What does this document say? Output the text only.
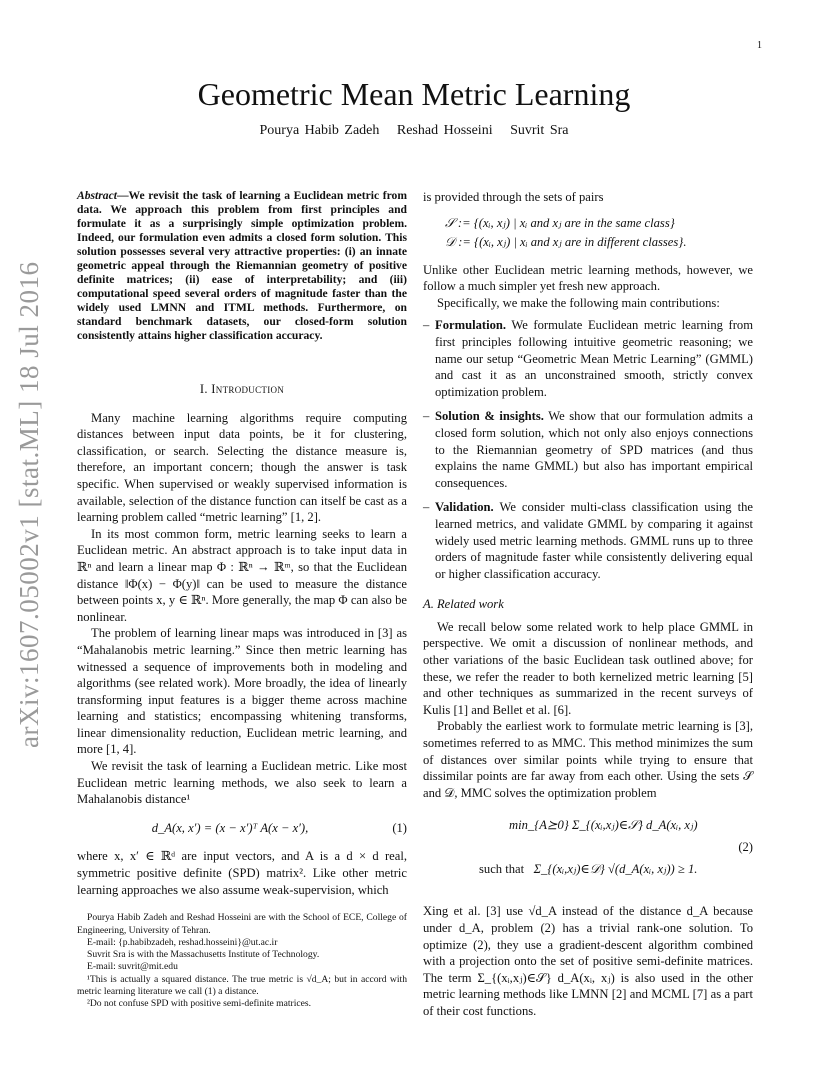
1
arXiv:1607.05002v1 [stat.ML] 18 Jul 2016
Geometric Mean Metric Learning
Pourya Habib Zadeh Reshad Hosseini Suvrit Sra
Abstract—We revisit the task of learning a Euclidean metric from data. We approach this problem from first principles and formulate it as a surprisingly simple optimization problem. Indeed, our formulation even admits a closed form solution. This solution possesses several very attractive properties: (i) an innate geometric appeal through the Riemannian geometry of positive definite matrices; (ii) ease of interpretability; and (iii) computational speed several orders of magnitude faster than the widely used LMNN and ITML methods. Furthermore, on standard benchmark datasets, our closed-form solution consistently attains higher classification accuracy.
I. Introduction

Many machine learning algorithms require computing distances between input data points, be it for clustering, classification, or search. Selecting the distance measure is, therefore, an important concern; though the answer is task specific. When supervised or weakly supervised information is available, selection of the distance function can itself be cast as a learning problem called “metric learning” [1, 2].

In its most common form, metric learning seeks to learn a Euclidean metric. An abstract approach is to take input data in ℝⁿ and learn a linear map Φ : ℝⁿ → ℝᵐ, so that the Euclidean distance ‖Φ(x) − Φ(y)‖ can be used to measure the distance between points x, y ∈ ℝⁿ. More generally, the map Φ can also be nonlinear.

The problem of learning linear maps was introduced in [3] as “Mahalanobis metric learning.” Since then metric learning has witnessed a sequence of improvements both in modeling and algorithms (see related work). More broadly, the idea of linearly transforming input features is a bigger theme across machine learning and statistics; encompassing whitening transforms, linear dimensionality reduction, Euclidean metric learning, and more [1, 4].

We revisit the task of learning a Euclidean metric. Like most Euclidean metric learning methods, we also seek to learn a Mahalanobis distance¹

d_A(x, x′) = (x − x′)ᵀ A(x − x′),	(1)

where x, x′ ∈ ℝᵈ are input vectors, and A is a d × d real, symmetric positive definite (SPD) matrix². Like other metric learning approaches we also assume weak-supervision, which

Pourya Habib Zadeh and Reshad Hosseini are with the School of ECE, College of Engineering, University of Tehran.

E-mail: {p.habibzadeh, reshad.hosseini}@ut.ac.ir

Suvrit Sra is with the Massachusetts Institute of Technology.

E-mail: suvrit@mit.edu

¹This is actually a squared distance. The true metric is √d_A; but in accord with metric learning literature we call (1) a distance.

²Do not confuse SPD with positive semi-definite matrices.

is provided through the sets of pairs

𝒮 := {(xᵢ, xⱼ) | xᵢ and xⱼ are in the same class}
𝒟 := {(xᵢ, xⱼ) | xᵢ and xⱼ are in different classes}.

Unlike other Euclidean metric learning methods, however, we follow a much simpler yet fresh new approach.

Specifically, we make the following main contributions:

– Formulation. We formulate Euclidean metric learning from first principles following intuitive geometric reasoning; we name our setup “Geometric Mean Metric Learning” (GMML) and cast it as an unconstrained smooth, strictly convex optimization problem.
– Solution & insights. We show that our formulation admits a closed form solution, which not only also enjoys connections to the Riemannian geometry of SPD matrices (and thus explains the name GMML) but also has important empirical consequences.
– Validation. We consider multi-class classification using the learned metrics, and validate GMML by comparing it against widely used metric learning methods. GMML runs up to three orders of magnitude faster while consistently delivering equal or higher classification accuracy.
A. Related work

We recall below some related work to help place GMML in perspective. We omit a discussion of nonlinear methods, and other variations of the basic Euclidean task outlined above; for these, we refer the reader to both kernelized metric learning [5] and other techniques as summarized in the recent surveys of Kulis [1] and Bellet et al. [6].

Probably the earliest work to formulate metric learning is [3], sometimes referred to as MMC. This method minimizes the sum of distances over similar points while trying to ensure that dissimilar points are far away from each other. Using the sets 𝒮 and 𝒟, MMC solves the optimization problem

min_{A⪰0} Σ_{(xᵢ,xⱼ)∈𝒮} d_A(xᵢ, xⱼ)
such that Σ_{(xᵢ,xⱼ)∈𝒟} √(d_A(xᵢ, xⱼ)) ≥ 1.
(2)

Xing et al. [3] use √d_A instead of the distance d_A because under d_A, problem (2) has a trivial rank-one solution. To optimize (2), they use a gradient-descent algorithm combined with a projection onto the set of positive semi-definite matrices. The term Σ_{(xᵢ,xⱼ)∈𝒮} d_A(xᵢ, xⱼ) is also used in the other metric learning methods like LMNN [2] and MCML [7] as a part of their cost functions.
